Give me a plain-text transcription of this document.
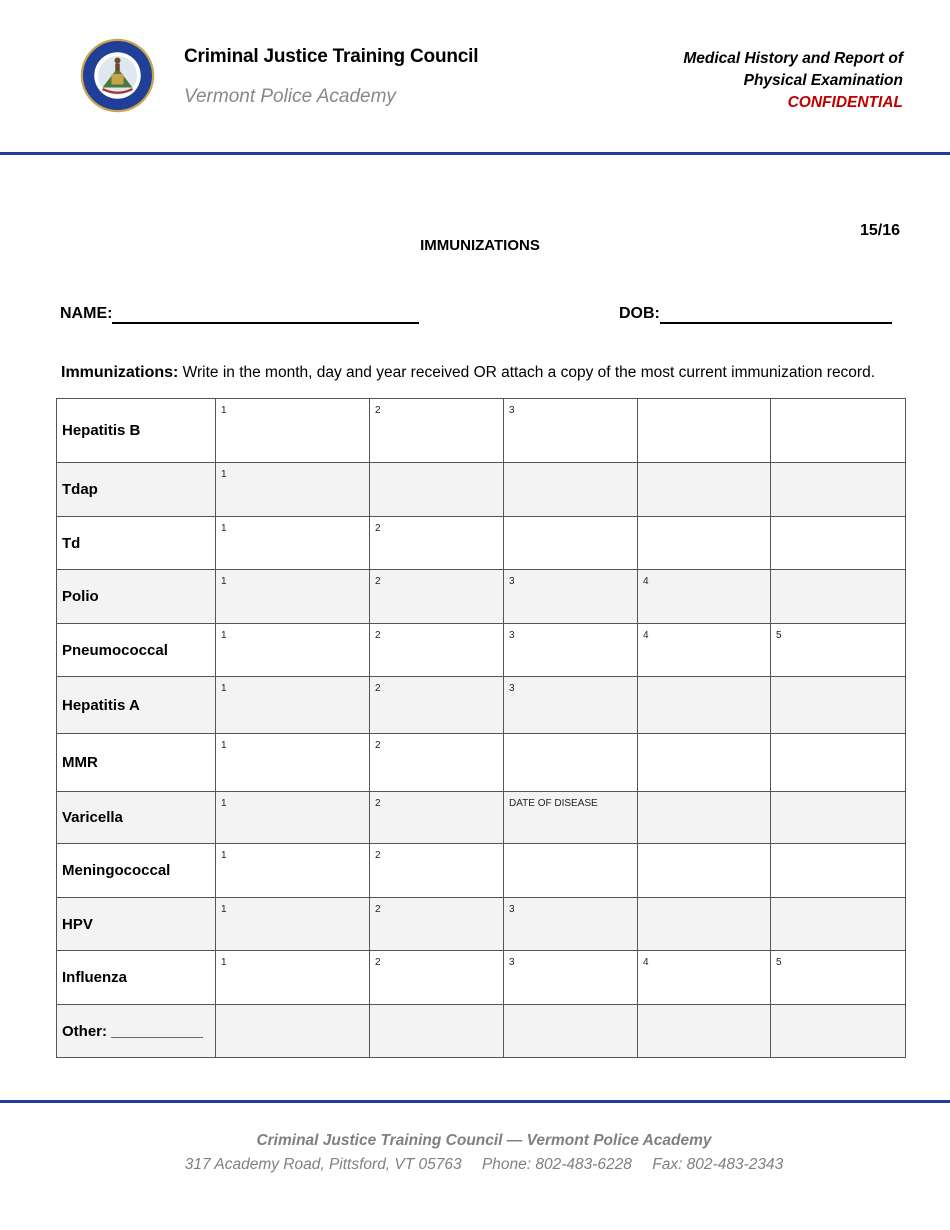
Criminal Justice Training Council
Vermont Police Academy
Medical History and Report of
Physical Examination
CONFIDENTIAL
IMMUNIZATIONS
15/16
NAME:	DOB:
Immunizations: Write in the month, day and year received OR attach a copy of the most current immunization record.
Hepatitis B	1	2	3		

Tdap	1				

Td	1	2			

Polio	1	2	3	4	

Pneumococcal	1	2	3	4	5

Hepatitis A	1	2	3		

MMR	1	2			

Varicella	1	2	DATE OF DISEASE		

Meningococcal	1	2			

HPV	1	2	3		

Influenza	1	2	3	4	5

Other: ___________	

Criminal Justice Training Council — Vermont Police Academy
317 Academy Road, Pittsford, VT 05763 Phone: 802-483-6228 Fax: 802-483-2343
